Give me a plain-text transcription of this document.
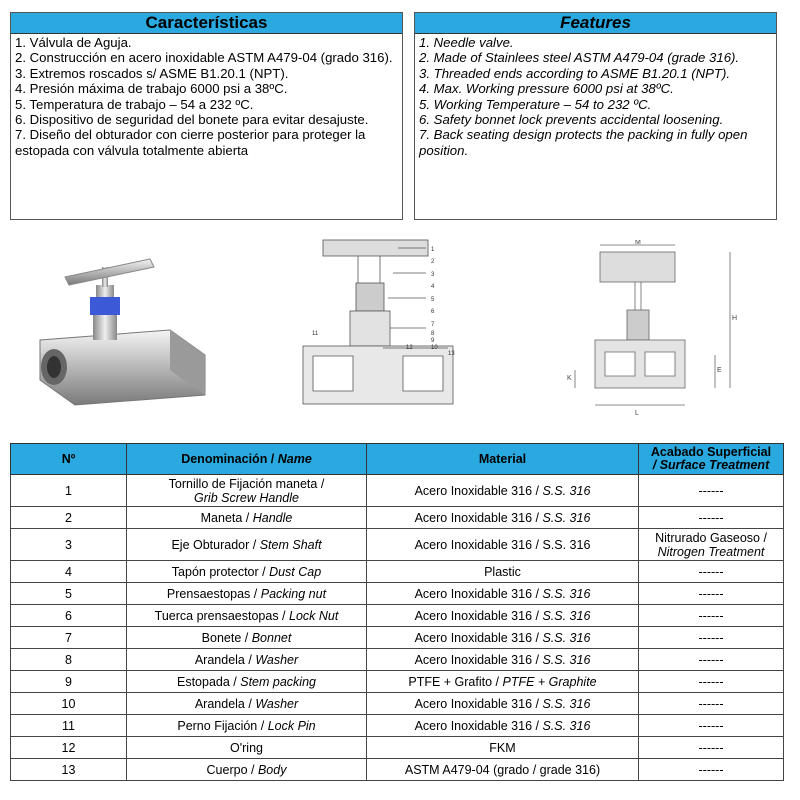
Características
1. Válvula de Aguja.
2. Construcción en acero inoxidable ASTM A479-04 (grado 316).
3. Extremos roscados s/ ASME B1.20.1 (NPT).
4. Presión máxima de trabajo 6000 psi a 38ºC.
5. Temperatura de trabajo – 54 a 232 ºC.
6. Dispositivo de seguridad del bonete para evitar desajuste.
7. Diseño del obturador con cierre posterior para proteger la estopada con válvula totalmente abierta
Features
1. Needle valve.
2. Made of Stainlees steel ASTM A479-04 (grade 316).
3. Threaded ends according to ASME B1.20.1 (NPT).
4. Max. Working pressure 6000 psi at 38ºC.
5. Working Temperature – 54 to 232 ºC.
6. Safety bonnet lock prevents accidental loosening.
7. Back seating design protects the packing in fully open position.
1
2
3
4
5
6
7
8
9
10
11
12
13
M
H
E
L
K
Nº	Denominación / Name	Material	Acabado Superficial
/ Surface Treatment

1	Tornillo de Fijación maneta /
Grib Screw Handle	Acero Inoxidable 316 / S.S. 316	------
2	Maneta / Handle	Acero Inoxidable 316 / S.S. 316	------
3	Eje Obturador / Stem Shaft	Acero Inoxidable 316 / S.S. 316	Nitrurado Gaseoso /
Nitrogen Treatment
4	Tapón protector / Dust Cap	Plastic	------
5	Prensaestopas / Packing nut	Acero Inoxidable 316 / S.S. 316	------
6	Tuerca prensaestopas / Lock Nut	Acero Inoxidable 316 / S.S. 316	------
7	Bonete / Bonnet	Acero Inoxidable 316 / S.S. 316	------
8	Arandela / Washer	Acero Inoxidable 316 / S.S. 316	------
9	Estopada / Stem packing	PTFE + Grafito / PTFE + Graphite	------
10	Arandela / Washer	Acero Inoxidable 316 / S.S. 316	------
11	Perno Fijación / Lock Pin	Acero Inoxidable 316 / S.S. 316	------
12	O'ring	FKM	------
13	Cuerpo / Body	ASTM A479-04 (grado / grade 316)	------
